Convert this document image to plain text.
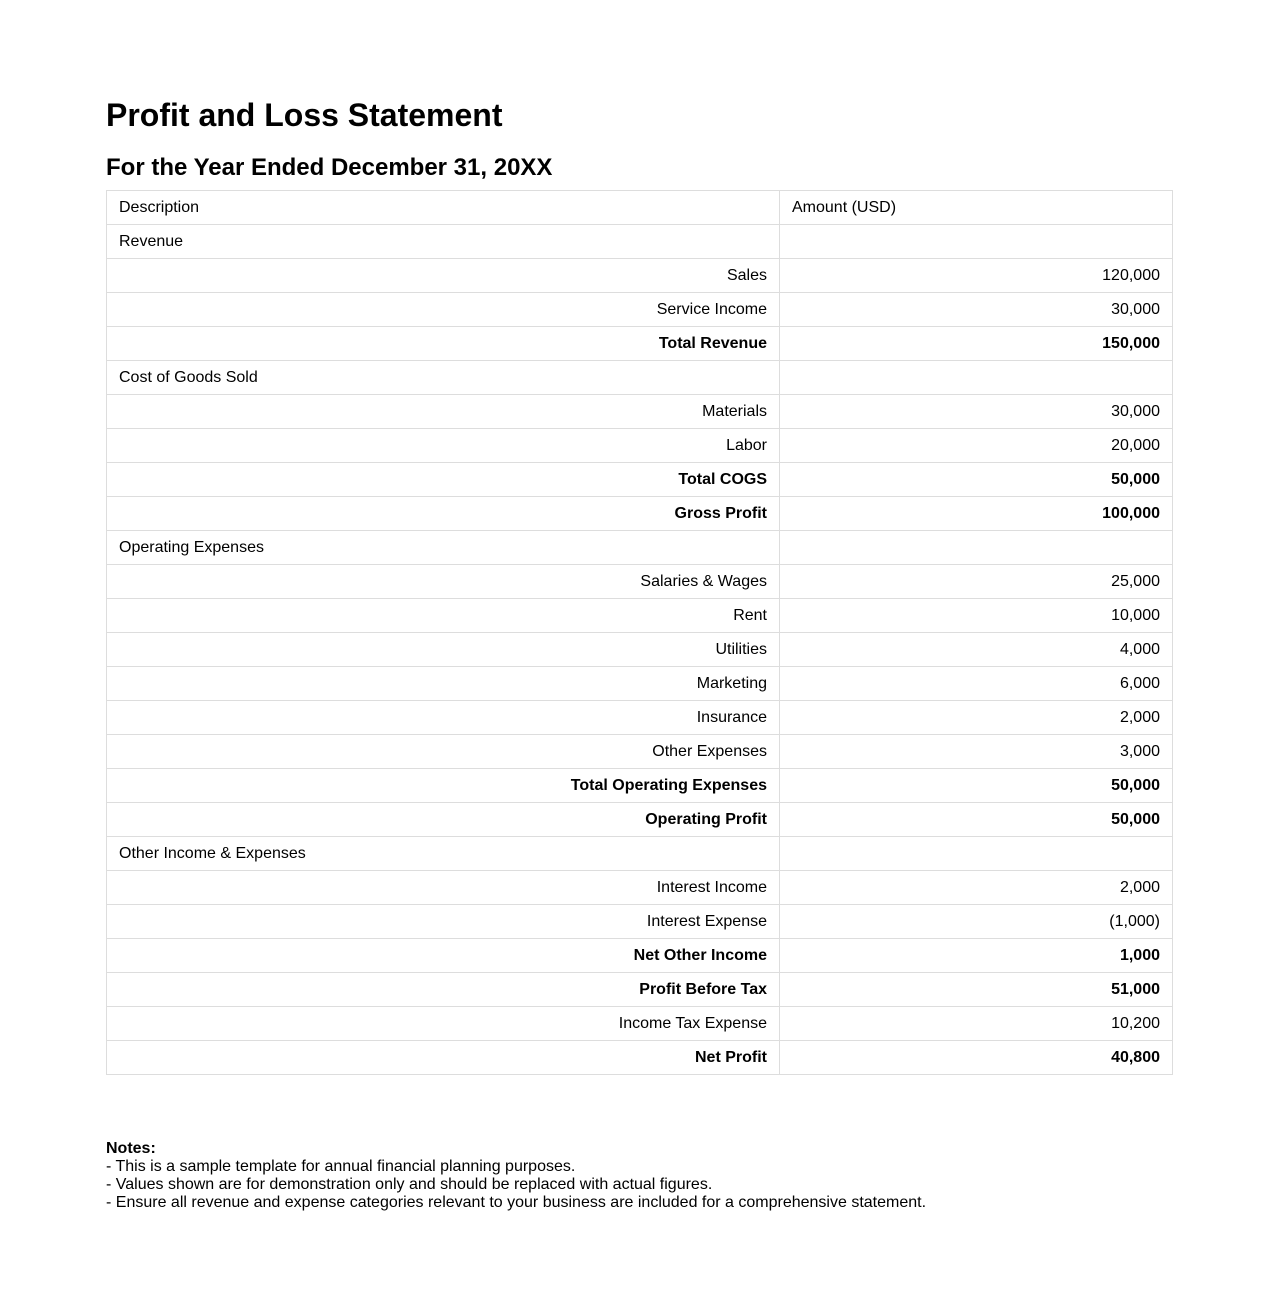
Profit and Loss Statement
For the Year Ended December 31, 20XX
Description	Amount (USD)
Revenue	
Sales	120,000
Service Income	30,000
Total Revenue	150,000
Cost of Goods Sold	
Materials	30,000
Labor	20,000
Total COGS	50,000
Gross Profit	100,000
Operating Expenses	
Salaries & Wages	25,000
Rent	10,000
Utilities	4,000
Marketing	6,000
Insurance	2,000
Other Expenses	3,000
Total Operating Expenses	50,000
Operating Profit	50,000
Other Income & Expenses	
Interest Income	2,000
Interest Expense	(1,000)
Net Other Income	1,000
Profit Before Tax	51,000
Income Tax Expense	10,200
Net Profit	40,800
Notes:
- This is a sample template for annual financial planning purposes.
- Values shown are for demonstration only and should be replaced with actual figures.
- Ensure all revenue and expense categories relevant to your business are included for a comprehensive statement.
